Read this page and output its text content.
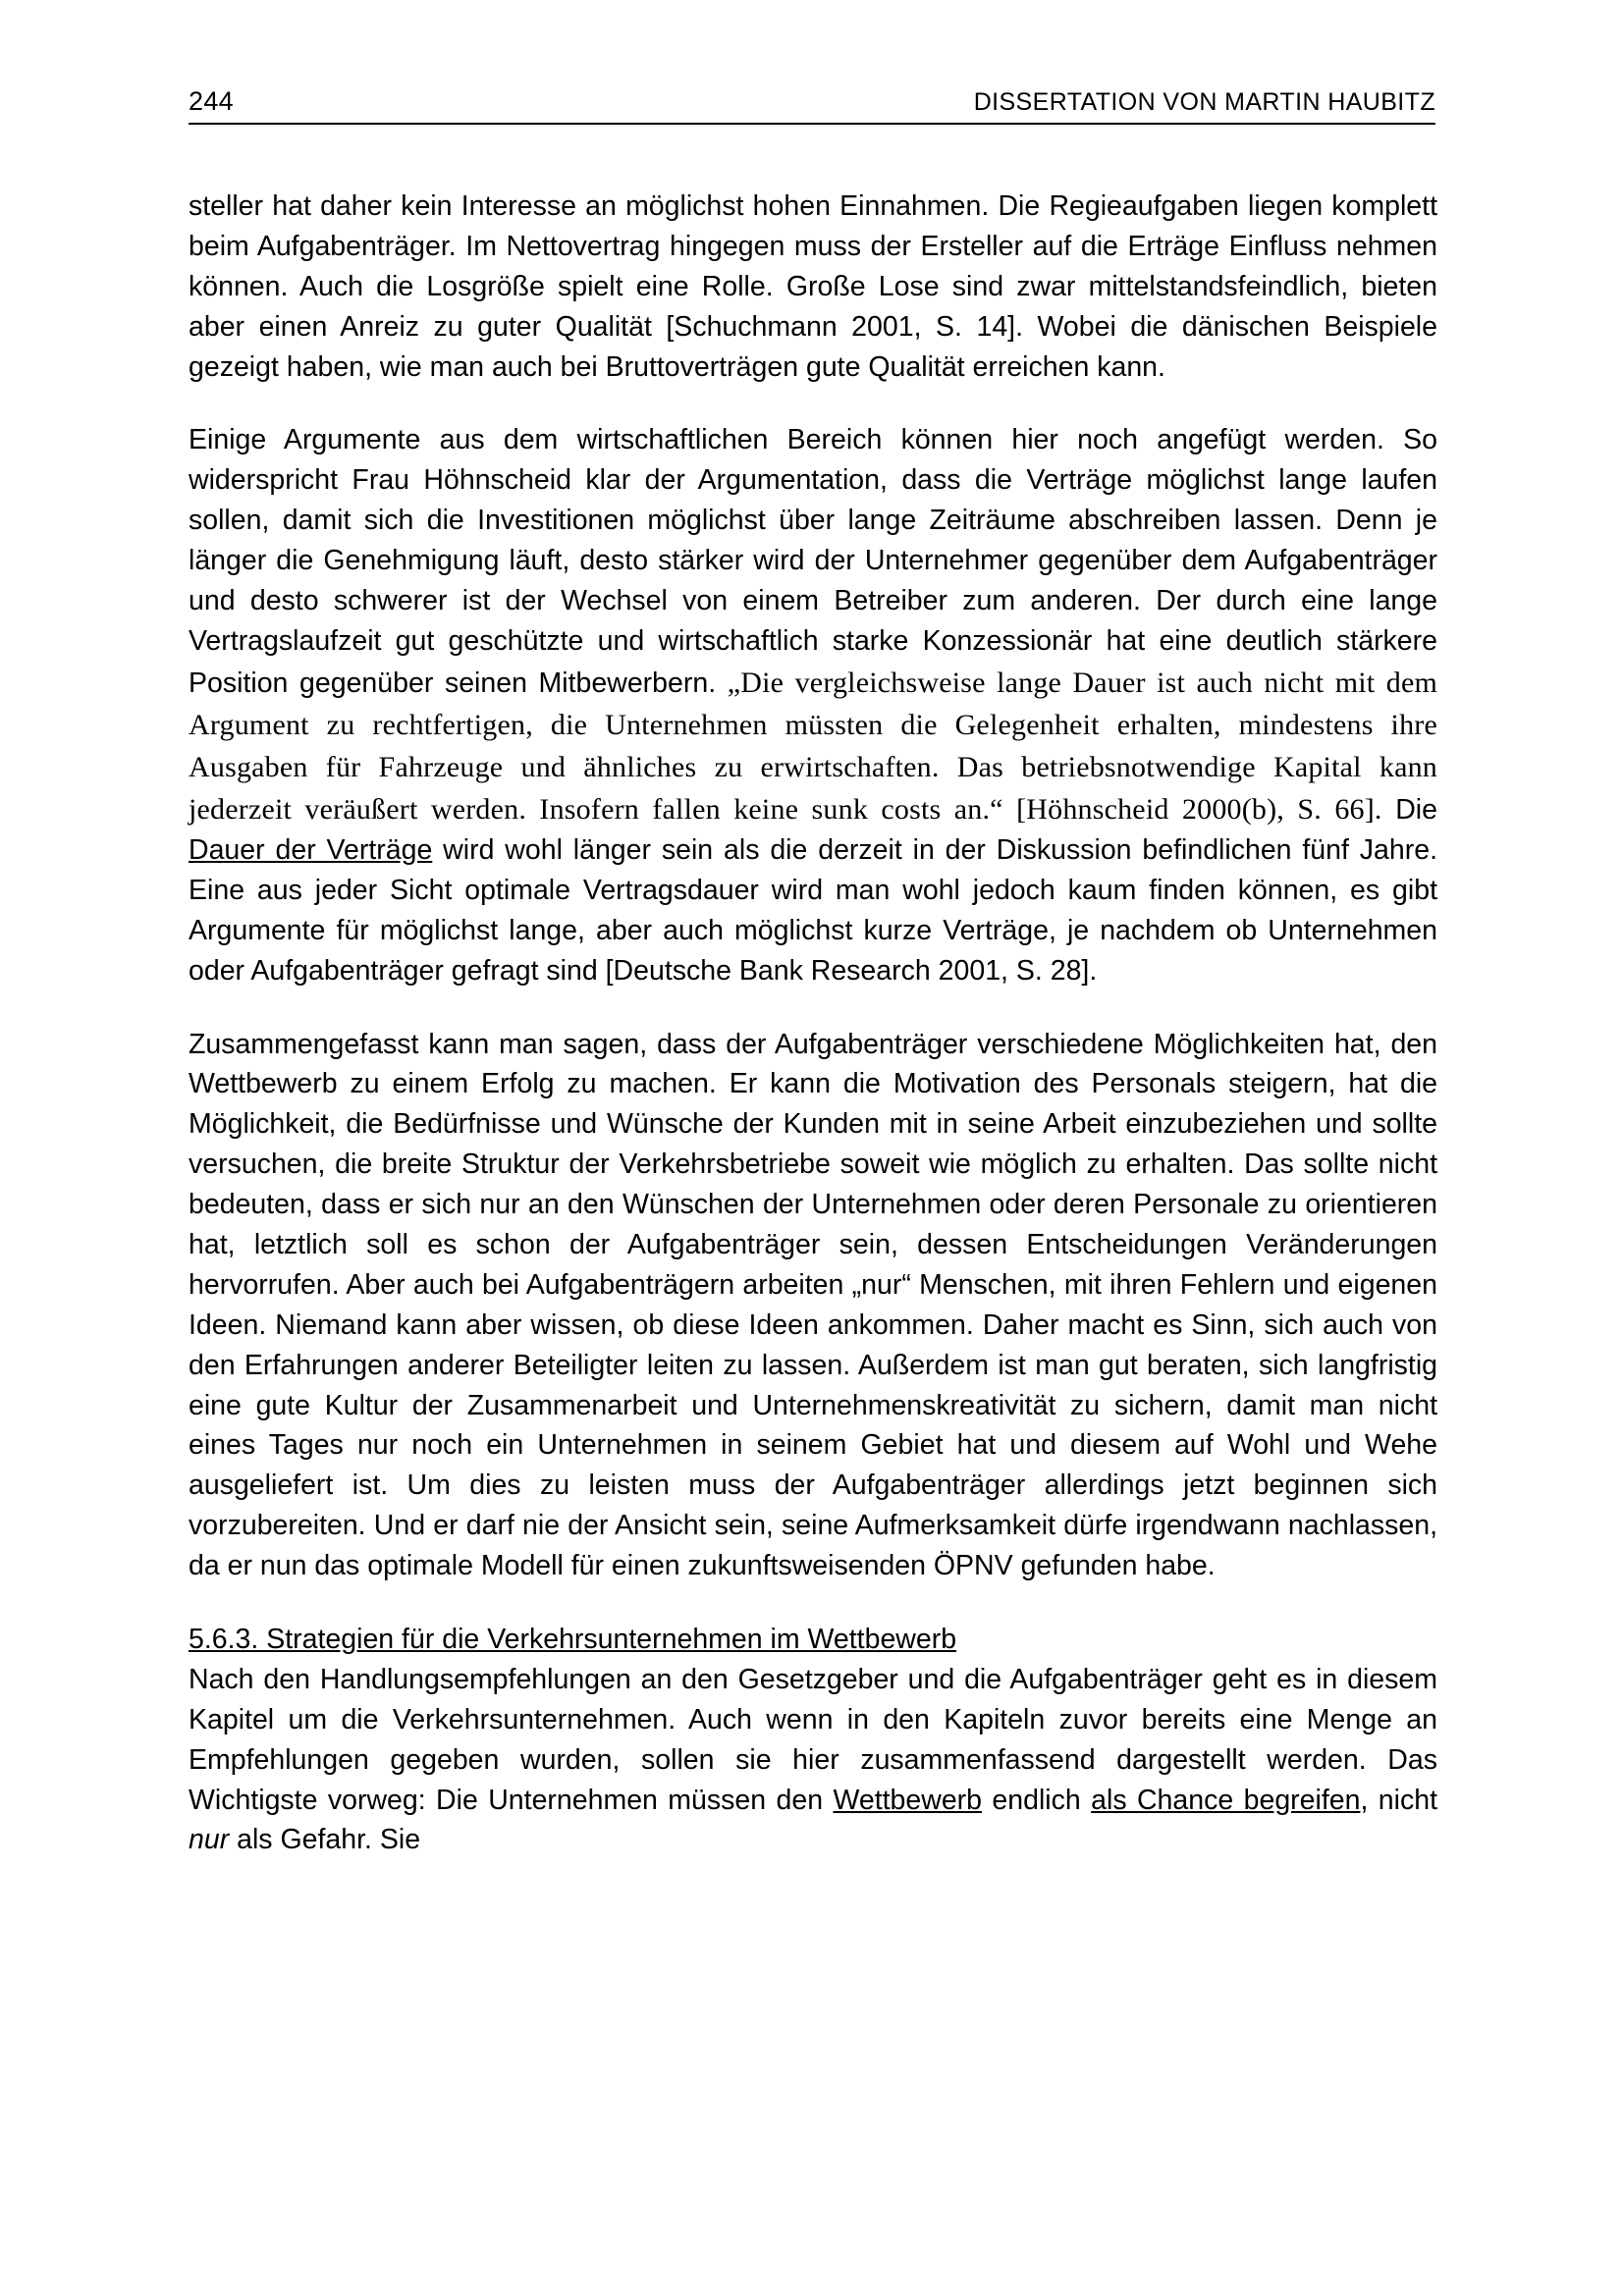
244	DISSERTATION VON MARTIN HAUBITZ

steller hat daher kein Interesse an möglichst hohen Einnahmen. Die Regieaufgaben liegen komplett beim Aufgabenträger. Im Nettovertrag hingegen muss der Ersteller auf die Erträge Einfluss nehmen können. Auch die Losgröße spielt eine Rolle. Große Lose sind zwar mittelstandsfeindlich, bieten aber einen Anreiz zu guter Qualität [Schuchmann 2001, S. 14]. Wobei die dänischen Beispiele gezeigt haben, wie man auch bei Bruttoverträgen gute Qualität erreichen kann.

Einige Argumente aus dem wirtschaftlichen Bereich können hier noch angefügt werden. So widerspricht Frau Höhnscheid klar der Argumentation, dass die Verträge möglichst lange laufen sollen, damit sich die Investitionen möglichst über lange Zeiträume abschreiben lassen. Denn je länger die Genehmigung läuft, desto stärker wird der Unternehmer gegenüber dem Aufgabenträger und desto schwerer ist der Wechsel von einem Betreiber zum anderen. Der durch eine lange Vertragslaufzeit gut geschützte und wirtschaftlich starke Konzessionär hat eine deutlich stärkere Position gegenüber seinen Mitbewerbern. „Die vergleichsweise lange Dauer ist auch nicht mit dem Argument zu rechtfertigen, die Unternehmen müssten die Gelegenheit erhalten, mindestens ihre Ausgaben für Fahrzeuge und ähnliches zu erwirtschaften. Das betriebsnotwendige Kapital kann jederzeit veräußert werden. Insofern fallen keine sunk costs an.“ [Höhnscheid 2000(b), S. 66]. Die Dauer der Verträge wird wohl länger sein als die derzeit in der Diskussion befindlichen fünf Jahre. Eine aus jeder Sicht optimale Vertragsdauer wird man wohl jedoch kaum finden können, es gibt Argumente für möglichst lange, aber auch möglichst kurze Verträge, je nachdem ob Unternehmen oder Aufgabenträger gefragt sind [Deutsche Bank Research 2001, S. 28].

Zusammengefasst kann man sagen, dass der Aufgabenträger verschiedene Möglichkeiten hat, den Wettbewerb zu einem Erfolg zu machen. Er kann die Motivation des Personals steigern, hat die Möglichkeit, die Bedürfnisse und Wünsche der Kunden mit in seine Arbeit einzubeziehen und sollte versuchen, die breite Struktur der Verkehrsbetriebe soweit wie möglich zu erhalten. Das sollte nicht bedeuten, dass er sich nur an den Wünschen der Unternehmen oder deren Personale zu orientieren hat, letztlich soll es schon der Aufgabenträger sein, dessen Entscheidungen Veränderungen hervorrufen. Aber auch bei Aufgabenträgern arbeiten „nur“ Menschen, mit ihren Fehlern und eigenen Ideen. Niemand kann aber wissen, ob diese Ideen ankommen. Daher macht es Sinn, sich auch von den Erfahrungen anderer Beteiligter leiten zu lassen. Außerdem ist man gut beraten, sich langfristig eine gute Kultur der Zusammenarbeit und Unternehmenskreativität zu sichern, damit man nicht eines Tages nur noch ein Unternehmen in seinem Gebiet hat und diesem auf Wohl und Wehe ausgeliefert ist. Um dies zu leisten muss der Aufgabenträger allerdings jetzt beginnen sich vorzubereiten. Und er darf nie der Ansicht sein, seine Aufmerksamkeit dürfe irgendwann nachlassen, da er nun das optimale Modell für einen zukunftsweisenden ÖPNV gefunden habe.

5.6.3. Strategien für die Verkehrsunternehmen im Wettbewerb

Nach den Handlungsempfehlungen an den Gesetzgeber und die Aufgabenträger geht es in diesem Kapitel um die Verkehrsunternehmen. Auch wenn in den Kapiteln zuvor bereits eine Menge an Empfehlungen gegeben wurden, sollen sie hier zusammenfassend dargestellt werden. Das Wichtigste vorweg: Die Unternehmen müssen den Wettbewerb endlich als Chance begreifen, nicht nur als Gefahr. Sie
